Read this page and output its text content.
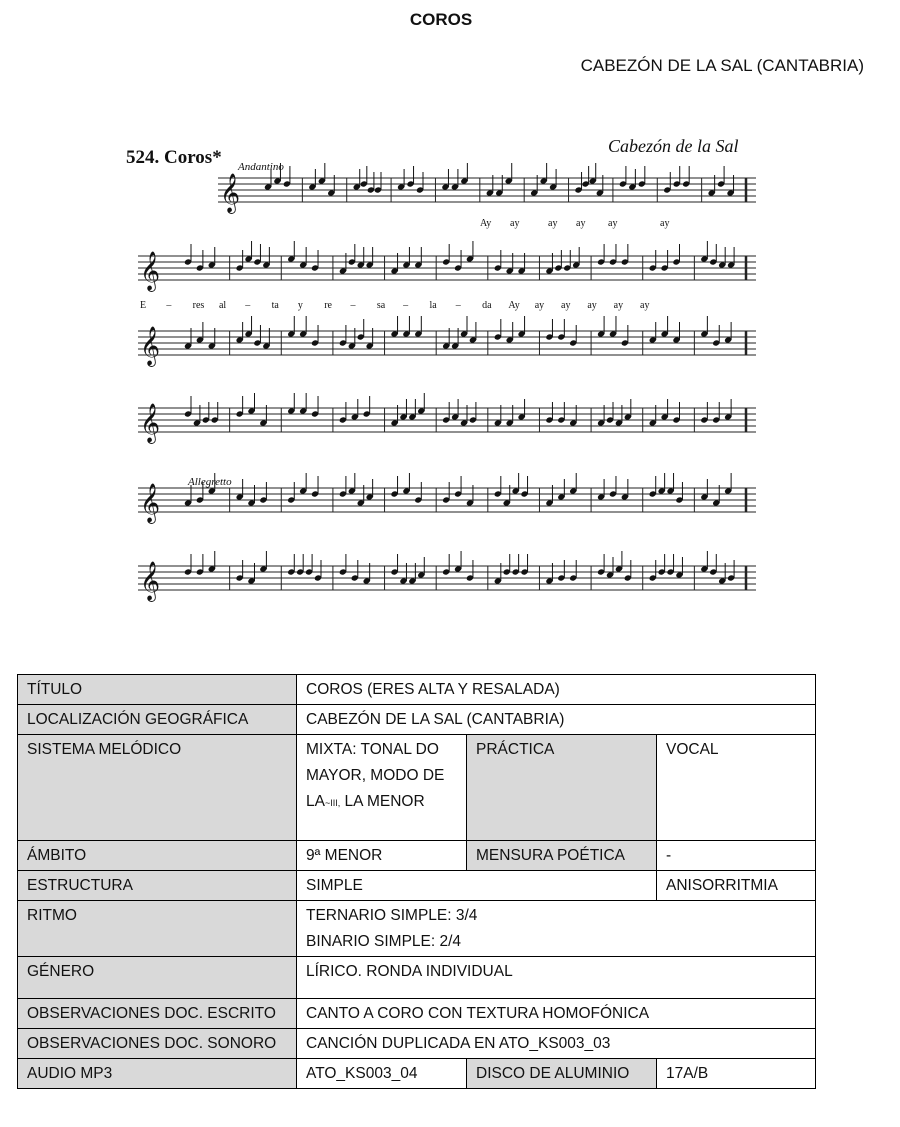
COROS
CABEZÓN DE LA SAL (CANTABRIA)
524. Coros*
Cabezón de la Sal
Andantino
Allegretto
𝄞
𝄞
𝄞
𝄞
𝄞
𝄞
Ay ay	ay ay ay	ay
E – res al – ta y re – sa – la – da Ay ay ay ay ay ay
TÍTULO	COROS (ERES ALTA Y RESALADA)		
LOCALIZACIÓN GEOGRÁFICA	CABEZÓN DE LA SAL (CANTABRIA)		
SISTEMA MELÓDICO	MIXTA: TONAL DO MAYOR, MODO DE LA~III, LA MENOR	PRÁCTICA	VOCAL
ÁMBITO	9ª MENOR	MENSURA POÉTICA	-
ESTRUCTURA	SIMPLE		ANISORRITMIA
RITMO	TERNARIO SIMPLE: 3/4
BINARIO SIMPLE: 2/4		

GÉNERO	LÍRICO. RONDA INDIVIDUAL		
OBSERVACIONES DOC. ESCRITO	CANTO A CORO CON TEXTURA HOMOFÓNICA		
OBSERVACIONES DOC. SONORO	CANCIÓN DUPLICADA EN ATO_KS003_03		
AUDIO MP3	ATO_KS003_04	DISCO DE ALUMINIO	17A/B
